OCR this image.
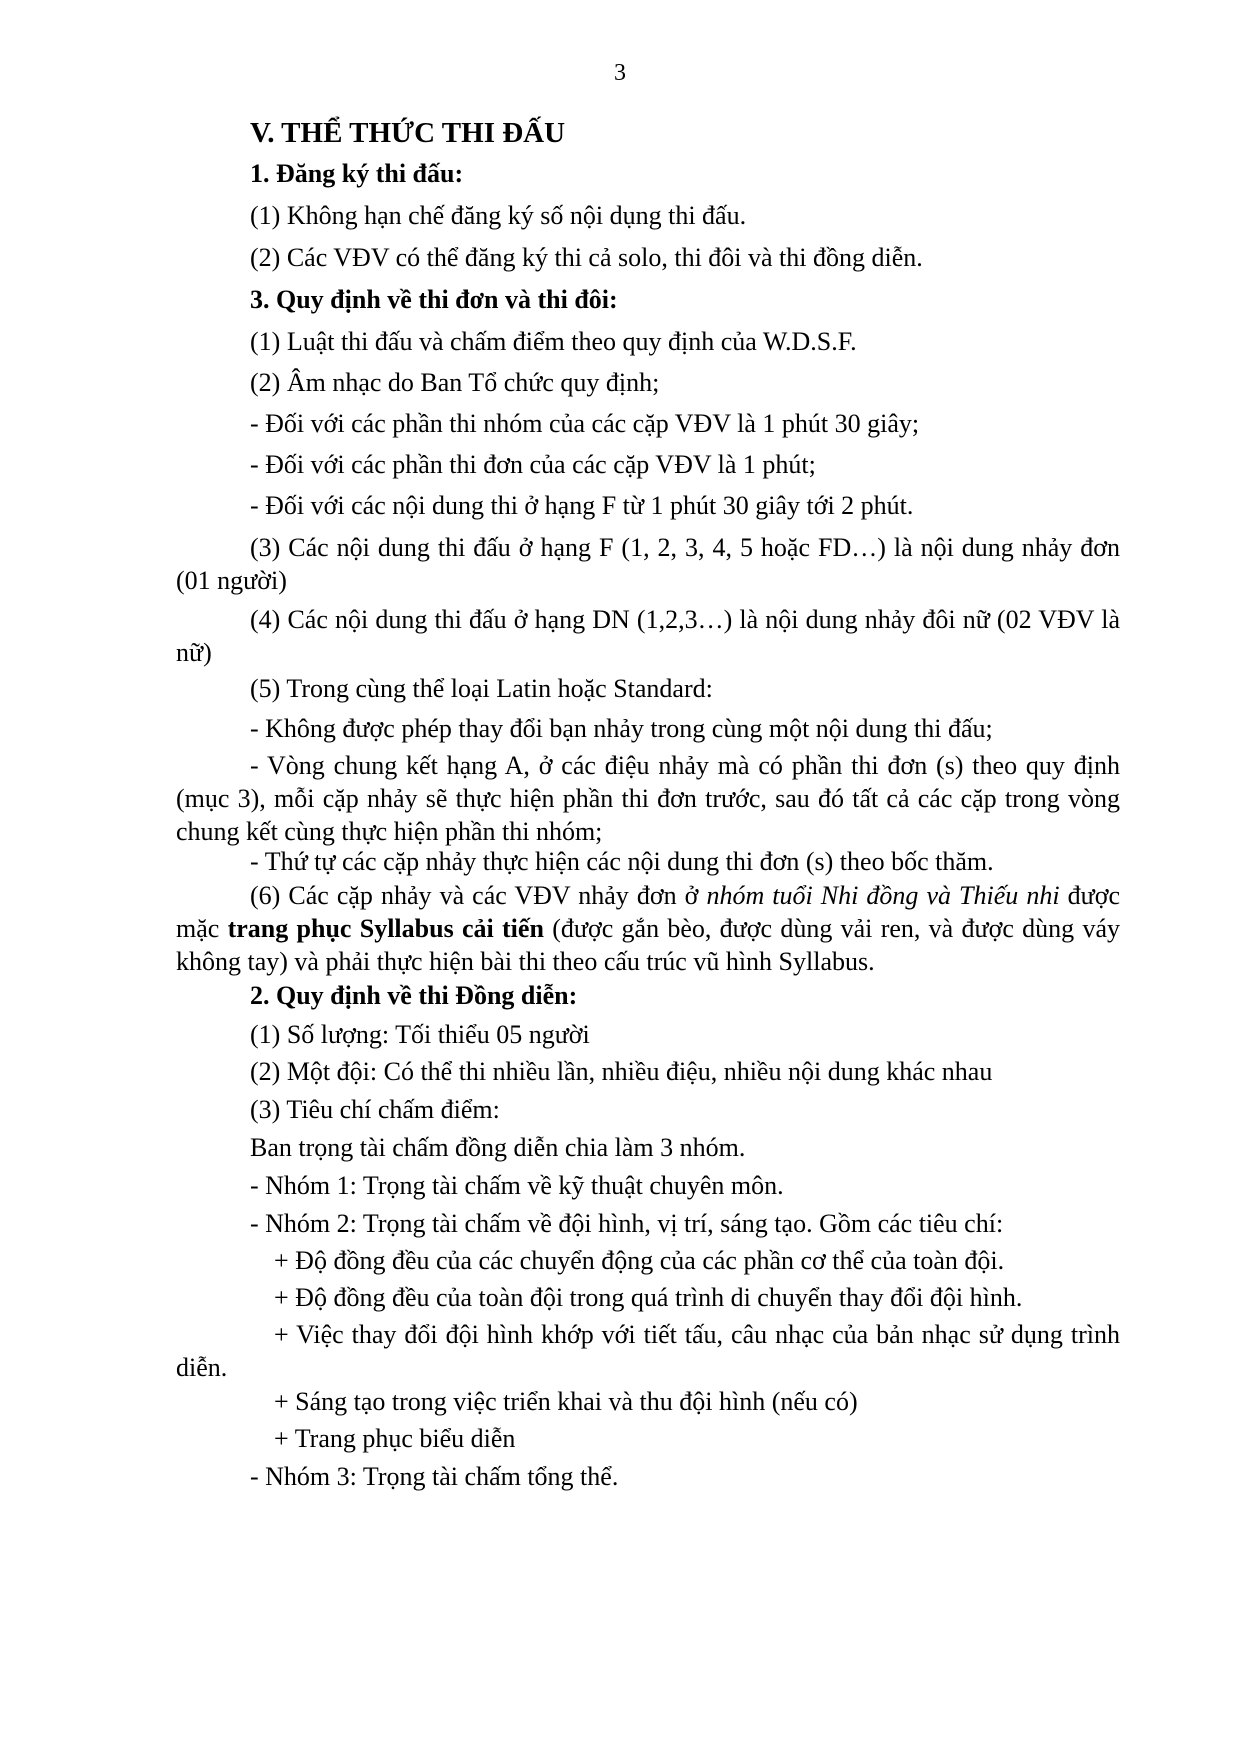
3
V. THỂ THỨC THI ĐẤU
1. Đăng ký thi đấu:
(1) Không hạn chế đăng ký số nội dụng thi đấu.
(2) Các VĐV có thể đăng ký thi cả solo, thi đôi và thi đồng diễn.
3. Quy định về thi đơn và thi đôi:
(1) Luật thi đấu và chấm điểm theo quy định của W.D.S.F.
(2) Âm nhạc do Ban Tổ chức quy định;
- Đối với các phần thi nhóm của các cặp VĐV là 1 phút 30 giây;
- Đối với các phần thi đơn của các cặp VĐV là 1 phút;
- Đối với các nội dung thi ở hạng F từ 1 phút 30 giây tới 2 phút.
(3) Các nội dung thi đấu ở hạng F (1, 2, 3, 4, 5 hoặc FD…) là nội dung nhảy đơn (01 người)
(4) Các nội dung thi đấu ở hạng DN (1,2,3…) là nội dung nhảy đôi nữ (02 VĐV là nữ)
(5) Trong cùng thể loại Latin hoặc Standard:
- Không được phép thay đổi bạn nhảy trong cùng một nội dung thi đấu;
- Vòng chung kết hạng A, ở các điệu nhảy mà có phần thi đơn (s) theo quy định (mục 3), mỗi cặp nhảy sẽ thực hiện phần thi đơn trước, sau đó tất cả các cặp trong vòng chung kết cùng thực hiện phần thi nhóm;
- Thứ tự các cặp nhảy thực hiện các nội dung thi đơn (s) theo bốc thăm.
(6) Các cặp nhảy và các VĐV nhảy đơn ở nhóm tuổi Nhi đồng và Thiếu nhi được mặc trang phục Syllabus cải tiến (được gắn bèo, được dùng vải ren, và được dùng váy không tay) và phải thực hiện bài thi theo cấu trúc vũ hình Syllabus.
2. Quy định về thi Đồng diễn:
(1) Số lượng: Tối thiểu 05 người
(2) Một đội: Có thể thi nhiều lần, nhiều điệu, nhiều nội dung khác nhau
(3) Tiêu chí chấm điểm:
Ban trọng tài chấm đồng diễn chia làm 3 nhóm.
- Nhóm 1: Trọng tài chấm về kỹ thuật chuyên môn.
- Nhóm 2: Trọng tài chấm về đội hình, vị trí, sáng tạo. Gồm các tiêu chí:
+ Độ đồng đều của các chuyển động của các phần cơ thể của toàn đội.
+ Độ đồng đều của toàn đội trong quá trình di chuyển thay đổi đội hình.
+ Việc thay đổi đội hình khớp với tiết tấu, câu nhạc của bản nhạc sử dụng trình diễn.
+ Sáng tạo trong việc triển khai và thu đội hình (nếu có)
+ Trang phục biểu diễn
- Nhóm 3: Trọng tài chấm tổng thể.
